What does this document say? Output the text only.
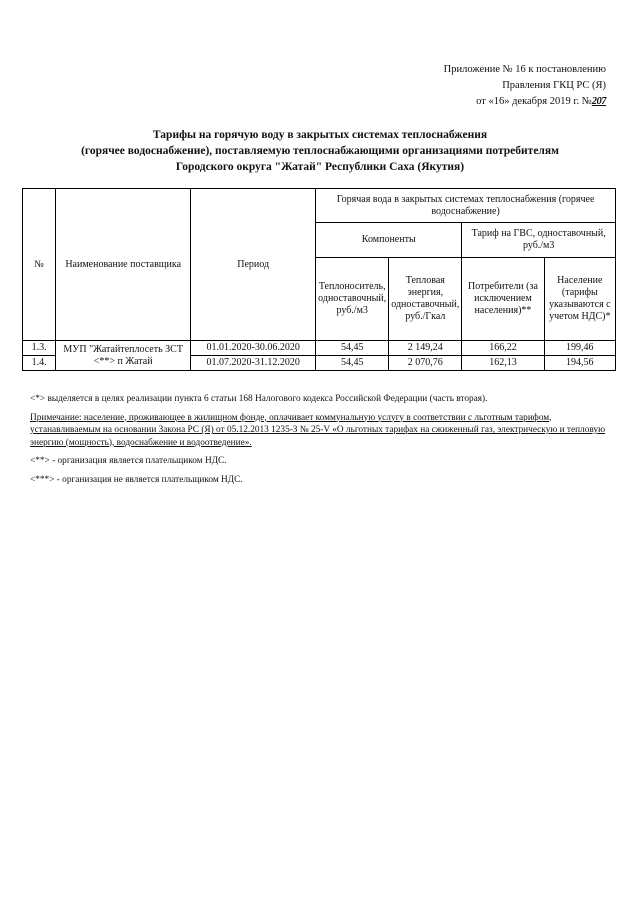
Приложение № 16 к постановлению
Правления ГКЦ РС (Я)
от «16» декабря 2019 г. №207
Тарифы на горячую воду в закрытых системах теплоснабжения
(горячее водоснабжение), поставляемую теплоснабжающими организациями потребителям
Городского округа "Жатай" Республики Саха (Якутия)
№	Наименование поставщика	Период	Горячая вода в закрытых системах теплоснабжения (горячее водоснабжение)			
			Компоненты		Тариф на ГВС, одноставочный, руб./м3	
			Теплоноситель, одноставочный, руб./м3	Тепловая энергия, одноставочный, руб./Гкал	Потребители (за исключением населения)**	Население (тарифы указываются с учетом НДС)*
1.3.	МУП "Жатайтеплосеть ЗСТ <**> п Жатай	01.01.2020-30.06.2020	54,45	2 149,24	166,22	199,46
1.4.		01.07.2020-31.12.2020	54,45	2 070,76	162,13	194,56

<*> выделяется в целях реализации пункта 6 статьи 168 Налогового кодекса Российской Федерации (часть вторая).

Примечание: население, проживающее в жилищном фонде, оплачивает коммунальную услугу в соответствии с льготным тарифом, устанавливаемым на основании Закона РС (Я) от 05.12.2013 1235-З № 25-V «О льготных тарифах на сжиженный газ, электрическую и тепловую энергию (мощность), водоснабжение и водоотведение».

<**> - организация является плательщиком НДС.

<***> - организация не является плательщиком НДС.
